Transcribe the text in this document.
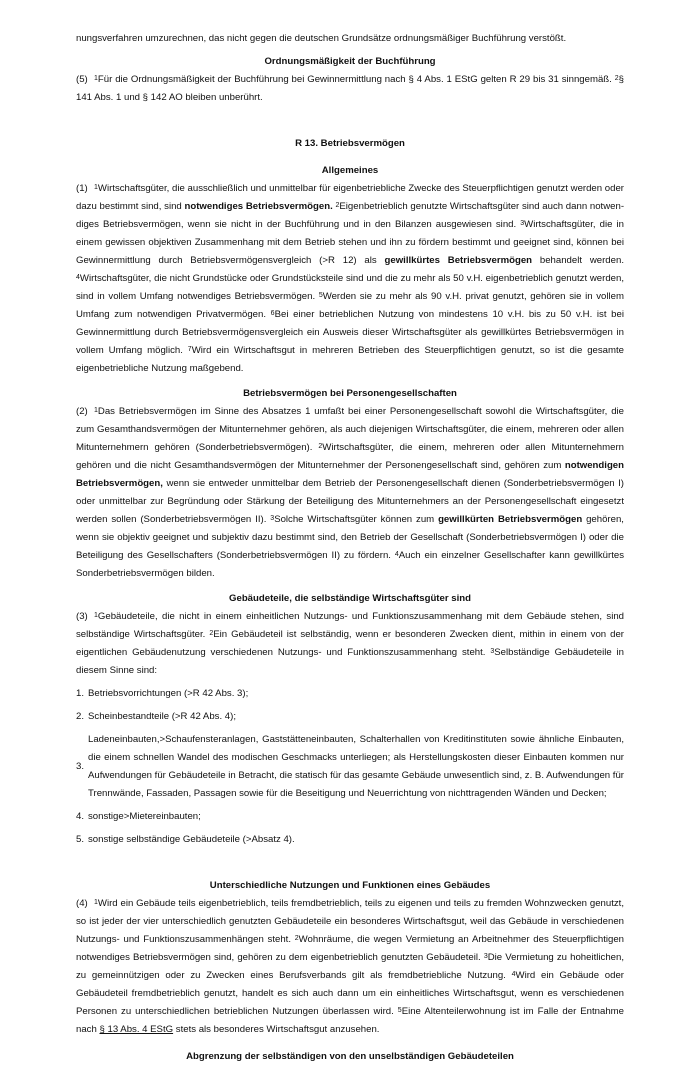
nungsverfahren umzurechnen, das nicht gegen die deutschen Grundsätze ordnungsmäßiger Buchführung verstößt.

Ordnungsmäßigkeit der Buchführung

(5) $^1$Für die Ordnungsmäßigkeit der Buchführung bei Gewinnermittlung nach § 4 Abs. 1 EStG gelten R 29 bis 31 sinngemäß. $^2$§ 141 Abs. 1 und § 142 AO bleiben unberührt.

R 13. Betriebsvermögen

Allgemeines

(1) $^1$Wirtschaftsgüter, die ausschließlich und unmittelbar für eigenbetriebliche Zwecke des Steuerpflichtigen genutzt werden oder dazu bestimmt sind, sind notwendiges Betriebsvermögen. $^2$Eigenbetrieblich genutzte Wirtschaftsgüter sind auch dann notwendiges Betriebsvermögen, wenn sie nicht in der Buchführung und in den Bilanzen ausgewiesen sind. $^3$Wirtschaftsgüter, die in einem gewissen objektiven Zusammenhang mit dem Betrieb stehen und ihn zu fördern bestimmt und geeignet sind, können bei Gewinnermittlung durch Betriebsvermögensvergleich (>R 12) als gewillkürtes Betriebsvermögen behandelt werden. $^4$Wirtschaftsgüter, die nicht Grundstücke oder Grundstücksteile sind und die zu mehr als 50 v.H. eigenbetrieblich genutzt werden, sind in vollem Umfang notwendiges Betriebsvermögen. $^5$Werden sie zu mehr als 90 v.H. privat genutzt, gehören sie in vollem Umfang zum notwendigen Privatvermögen. $^6$Bei einer betrieblichen Nutzung von mindestens 10 v.H. bis zu 50 v.H. ist bei Gewinnermittlung durch Betriebsvermögensvergleich ein Ausweis dieser Wirtschaftsgüter als gewillkürtes Betriebsvermögen in vollem Umfang möglich. $^7$Wird ein Wirtschaftsgut in mehreren Betrieben des Steuerpflichtigen genutzt, so ist die gesamte eigenbetriebliche Nutzung maßgebend.

Betriebsvermögen bei Personengesellschaften

(2) $^1$Das Betriebsvermögen im Sinne des Absatzes 1 umfaßt bei einer Personengesellschaft sowohl die Wirtschaftsgüter, die zum Gesamthandsvermögen der Mitunternehmer gehören, als auch diejenigen Wirtschaftsgüter, die einem, mehreren oder allen Mitunternehmern gehören (Sonderbetriebsvermögen). $^2$Wirtschaftsgüter, die einem, mehreren oder allen Mitunternehmern gehören und die nicht Gesamthandsvermögen der Mitunternehmer der Personengesellschaft sind, gehören zum notwendigen Betriebsvermögen, wenn sie entweder unmittelbar dem Betrieb der Personengesellschaft dienen (Sonderbetriebsvermögen I) oder unmittelbar zur Begründung oder Stärkung der Beteiligung des Mitunternehmers an der Personengesellschaft eingesetzt werden sollen (Sonderbetriebsvermögen II). $^3$Solche Wirtschaftsgüter können zum gewillkürten Betriebsvermögen gehören, wenn sie objektiv geeignet und subjektiv dazu bestimmt sind, den Betrieb der Gesellschaft (Sonderbetriebsvermögen I) oder die Beteiligung des Gesellschafters (Sonderbetriebsvermögen II) zu fördern. $^4$Auch ein einzelner Gesellschafter kann gewillkürtes Sonderbetriebsvermögen bilden.

Gebäudeteile, die selbständige Wirtschaftsgüter sind

(3) $^1$Gebäudeteile, die nicht in einem einheitlichen Nutzungs- und Funktionszusammenhang mit dem Gebäude stehen, sind selbständige Wirtschaftsgüter. $^2$Ein Gebäudeteil ist selbständig, wenn er besonderen Zwecken dient, mithin in einem von der eigentlichen Gebäudenutzung verschiedenen Nutzungs- und Funktionszusammenhang steht. $^3$Selbständige Gebäudeteile in diesem Sinne sind:

1. Betriebsvorrichtungen (>R 42 Abs. 3);
2. Scheinbestandteile (>R 42 Abs. 4);
3.
Ladeneinbauten,>Schaufensteranlagen, Gaststätteneinbauten, Schalterhallen von Kreditinstituten sowie ähnliche Einbauten, die einem schnellen Wandel des modischen Geschmacks unterliegen; als Herstellungskosten dieser Einbauten kommen nur Aufwendungen für Gebäudeteile in Betracht, die statisch für das gesamte Gebäude unwesentlich sind, z. B. Aufwendungen für Trennwände, Fassaden, Passagen sowie für die Beseitigung und Neuerrichtung von nichttragenden Wänden und Decken;
4. sonstige>Mietereinbauten;
5. sonstige selbständige Gebäudeteile (>Absatz 4).

Unterschiedliche Nutzungen und Funktionen eines Gebäudes

(4) $^1$Wird ein Gebäude teils eigenbetrieblich, teils fremdbetrieblich, teils zu eigenen und teils zu fremden Wohnzwecken genutzt, so ist jeder der vier unterschiedlich genutzten Gebäudeteile ein besonderes Wirtschaftsgut, weil das Gebäude in verschiedenen Nutzungs- und Funktionszusammenhängen steht. $^2$Wohnräume, die wegen Vermietung an Arbeitnehmer des Steuerpflichtigen notwendiges Betriebsvermögen sind, gehören zu dem eigenbetrieblich genutzten Gebäudeteil. $^3$Die Vermietung zu hoheitlichen, zu gemeinnützigen oder zu Zwecken eines Berufsverbands gilt als fremdbetriebliche Nutzung. $^4$Wird ein Gebäude oder Gebäudeteil fremdbetrieblich genutzt, handelt es sich auch dann um ein einheitliches Wirtschaftsgut, wenn es verschiedenen Personen zu unterschiedlichen betrieblichen Nutzungen überlassen wird. $^5$Eine Altenteilerwohnung ist im Falle der Entnahme nach § 13 Abs. 4 EStG stets als besonderes Wirtschaftsgut anzusehen.

Abgrenzung der selbständigen von den unselbständigen Gebäudeteilen
